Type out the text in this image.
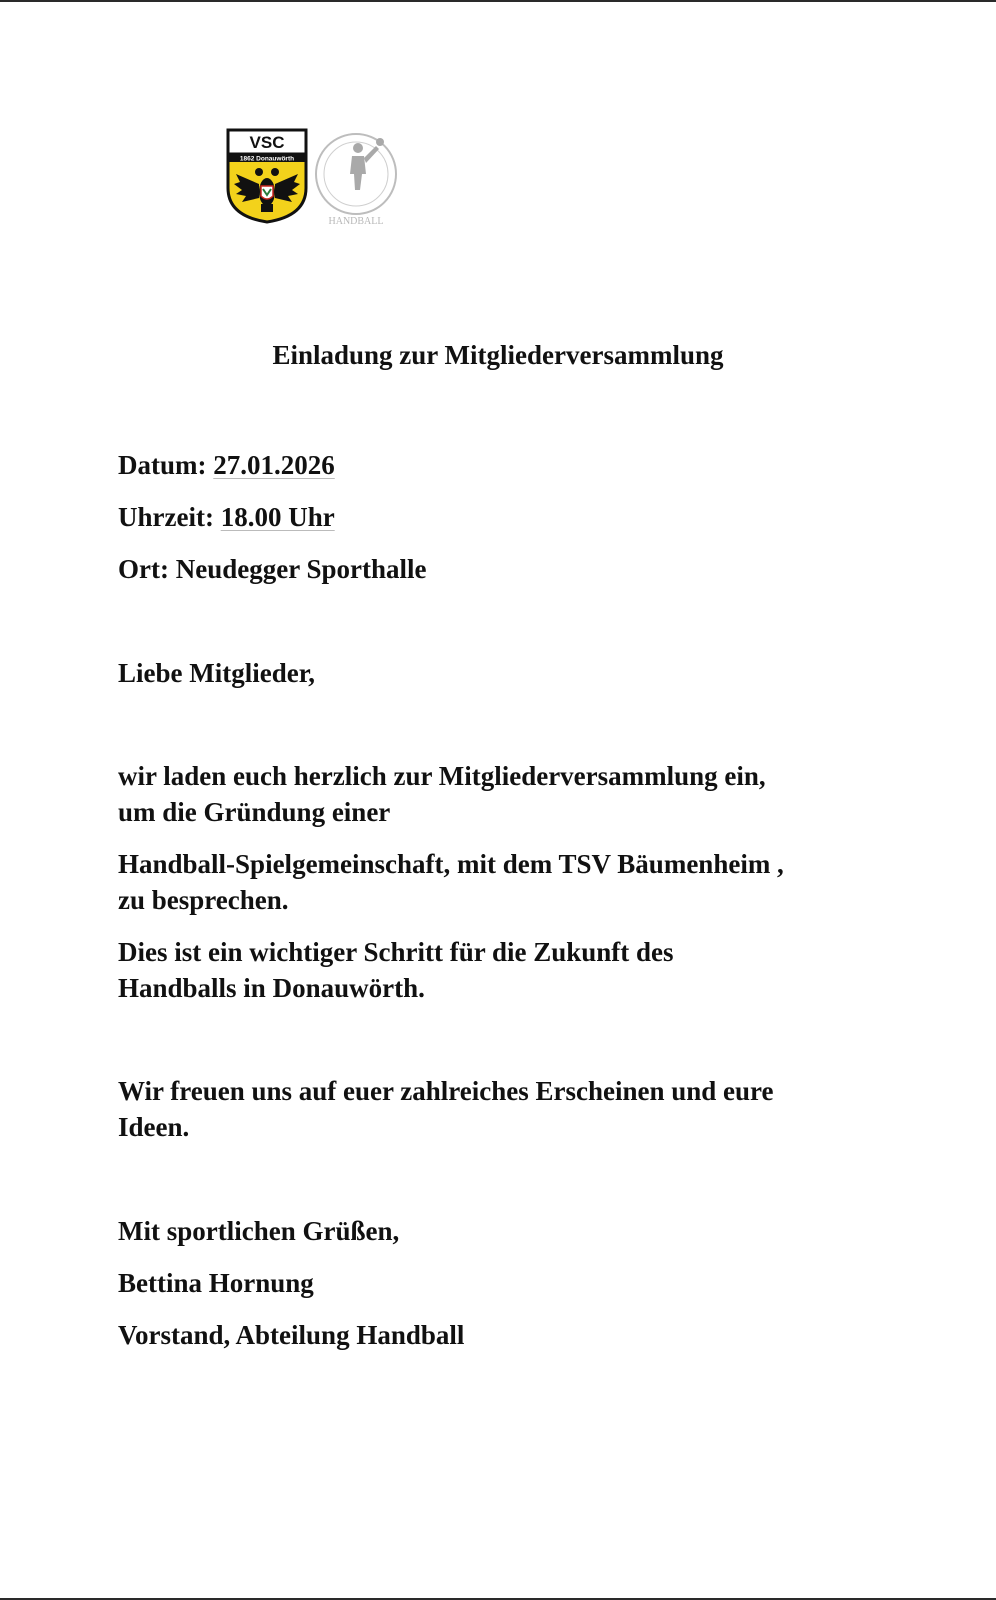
VSC
1862 Donauwörth
HANDBALL
Einladung zur Mitgliederversammlung
Datum: 27.01.2026
Uhrzeit: 18.00 Uhr
Ort: Neudegger Sporthalle
Liebe Mitglieder,
wir laden euch herzlich zur Mitgliederversammlung ein,
um die Gründung einer
Handball-Spielgemeinschaft, mit dem TSV Bäumenheim ,
zu besprechen.
Dies ist ein wichtiger Schritt für die Zukunft des
Handballs in Donauwörth.
Wir freuen uns auf euer zahlreiches Erscheinen und eure
Ideen.
Mit sportlichen Grüßen,
Bettina Hornung
Vorstand, Abteilung Handball
